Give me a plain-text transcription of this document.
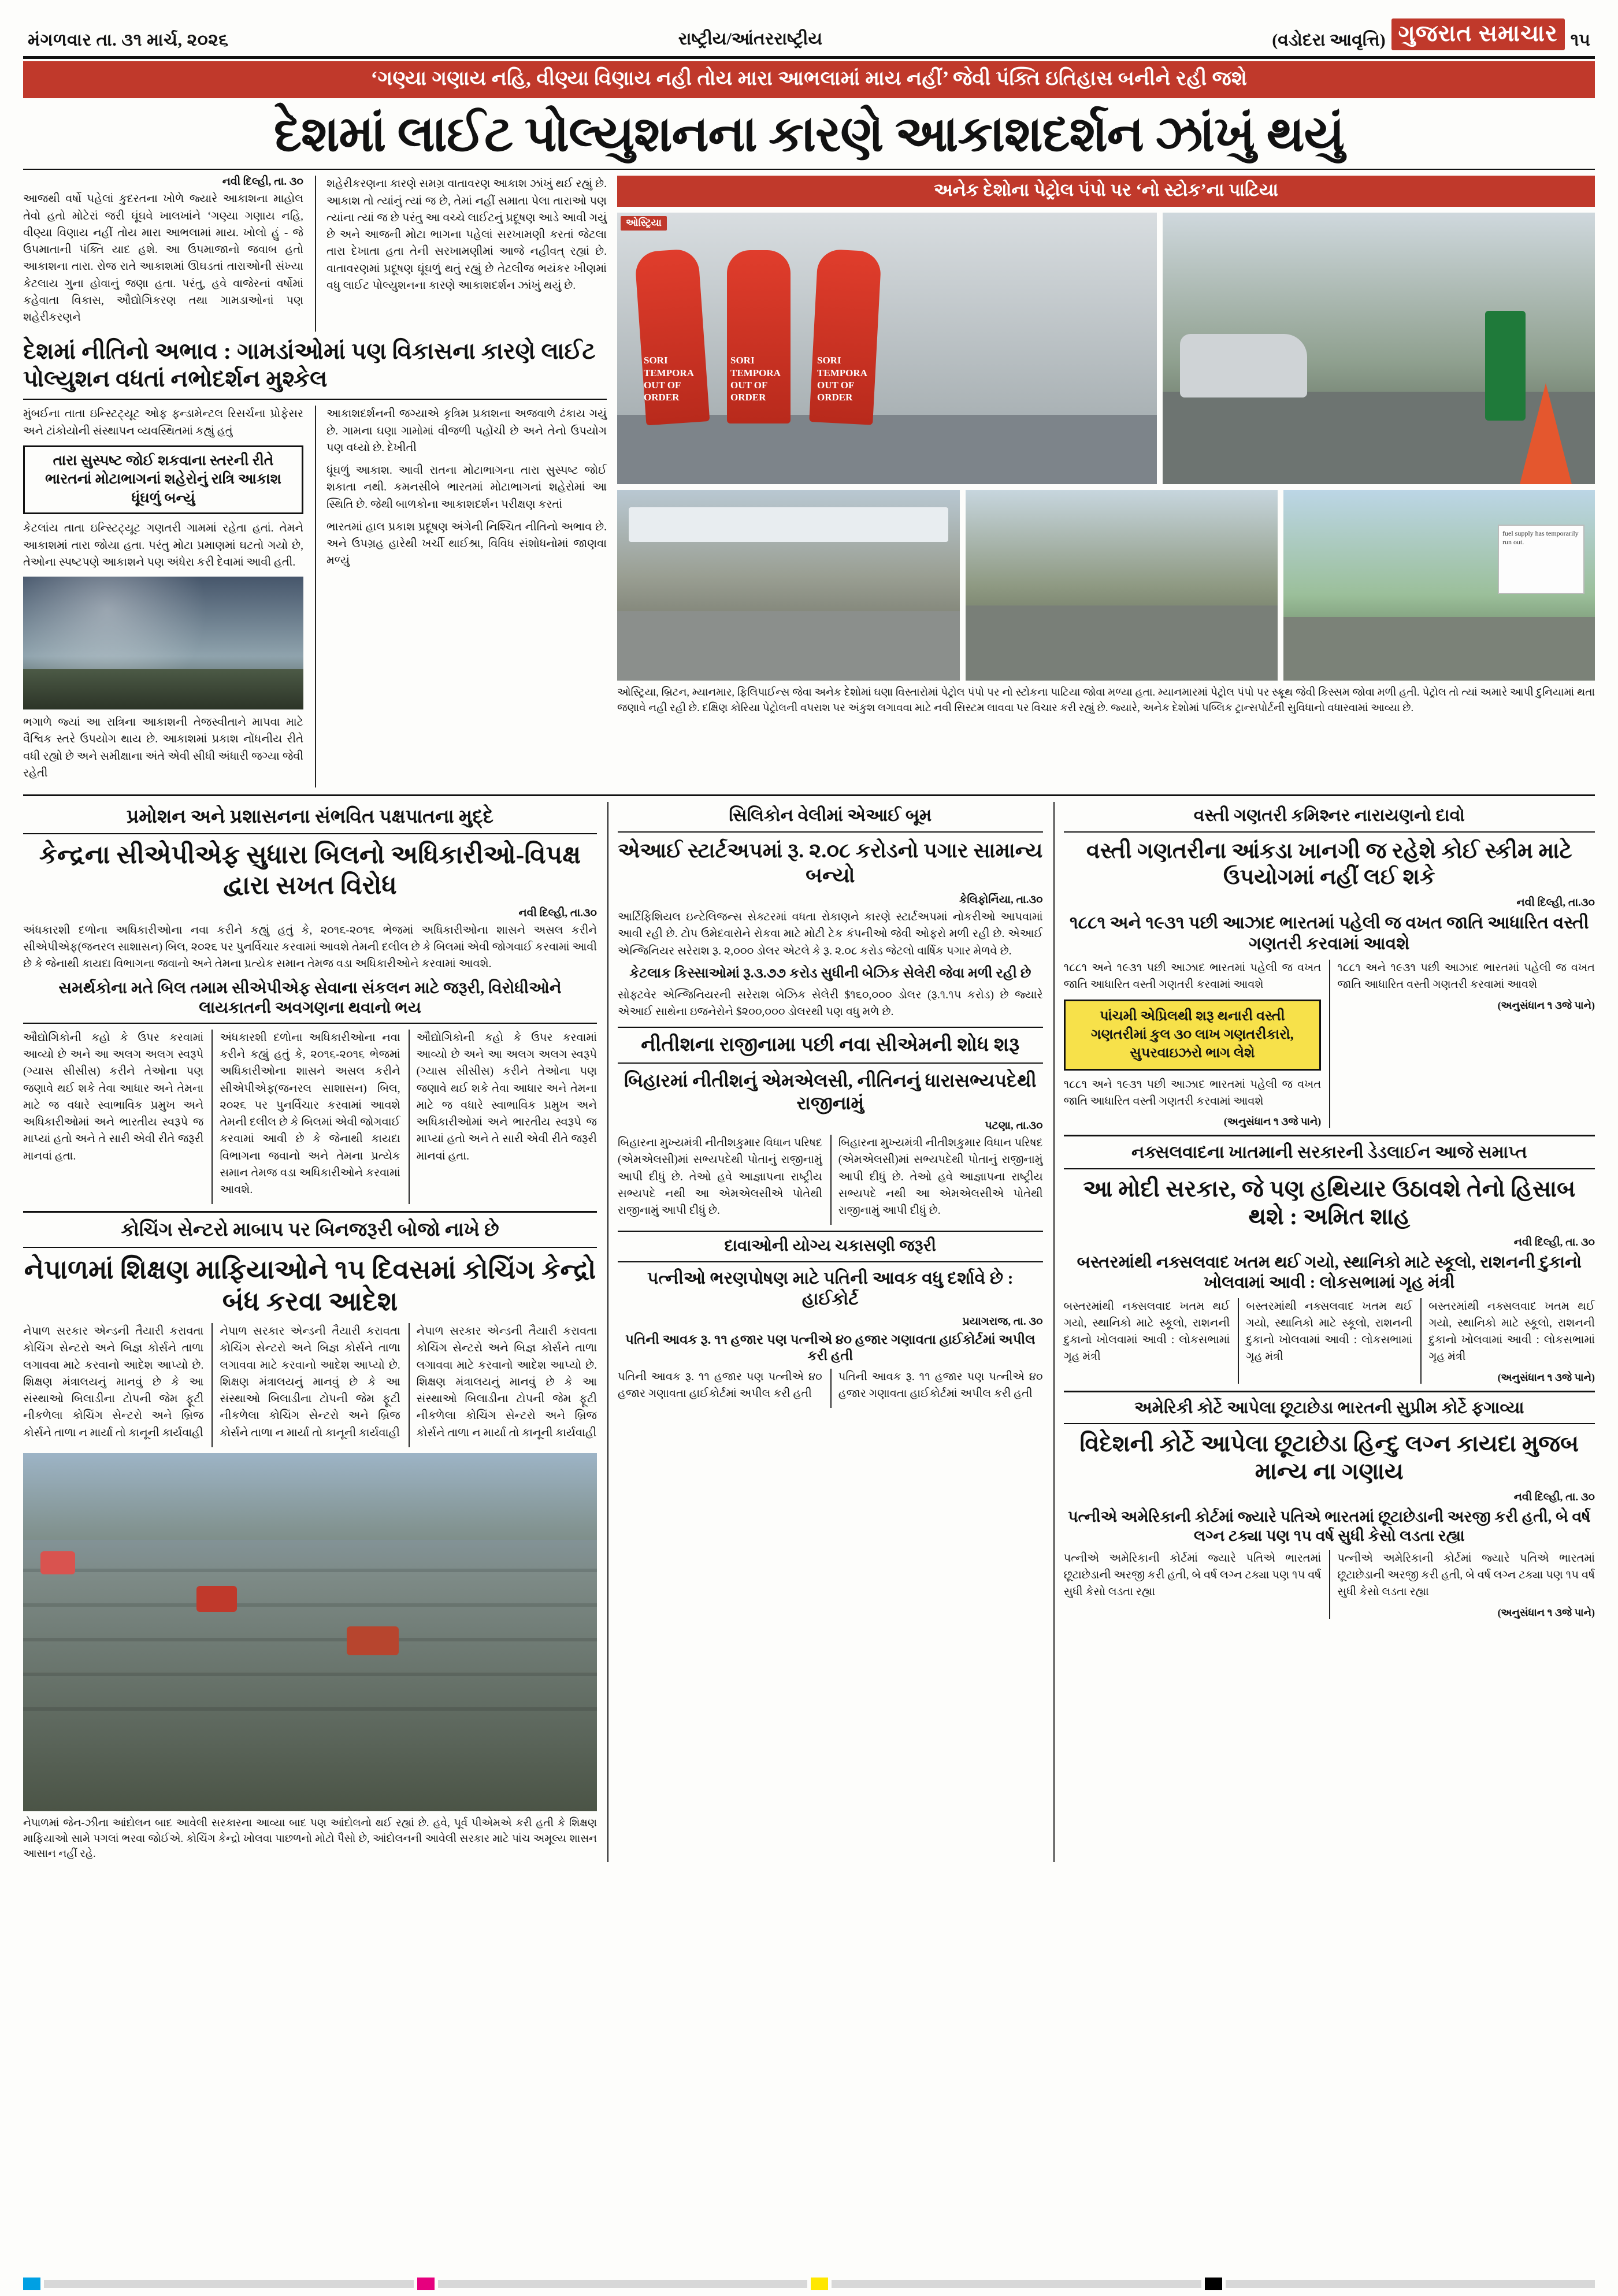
મંગળવાર તા. ૩૧ માર્ચ, ૨૦૨૬	રાષ્ટ્રીય/આંતરરાષ્ટ્રીય	(વડોદરા આવૃત્તિ) ગુજરાત સમાચાર ૧૫
‘ગણ્યા ગણાય નહિ, વીણ્યા વિણાય નહી તોય મારા આભલામાં માય નહીં’ જેવી પંક્તિ ઇતિહાસ બનીને રહી જશે
દેશમાં લાઈટ પોલ્યુશનના કારણે આકાશદર્શન ઝાંખું થયું
નવી દિલ્હી, તા. ૩૦

આજથી વર્ષો પહેલાં કુદરતના ખોળે જ્યારે આકાશના માહોલ તેવો હતો મોટેરાં જરી ઘૂંઘવે ખાલખાંને ‘ગણ્યા ગણાય નહિ, વીણ્યા વિણાય નહીં તોય મારા આભલામાં માય. ખોલો હું - જે ઉપમાતાની પંક્તિ યાદ હશે. આ ઉપમાજાનો જવાબ હતો આકાશના તારા. રોજ રાતે આકાશમાં ઊઘડતાં તારાઓની સંખ્યા કેટલાય ગુના હોવાનું જણા હતા. પરંતુ, હવે વાજેરનાં વર્ષોમાં કહેવાતા વિકાસ, ઔદ્યોગિકરણ તથા ગામડાઓનાં પણ શહેરીકરણને

શહેરીકરણના કારણે સમગ્ર વાતાવરણ આકાશ ઝાંખું થઈ રહ્યું છે. આકાશ તો ત્યાંનું ત્યાં જ છે, તેમાં નહીં સમાતા પેલા તારાઓ પણ ત્યાંના ત્યાં જ છે પરંતુ આ વચ્ચે લાઈટનું પ્રદૂષણ આડે આવી ગયું છે અને આજની મોટા ભાગના પહેલાં સરખામણી કરતાં જેટલા તારા દેખાતા હતા તેની સરખામણીમાં આજે નહીવત્ રહ્યાં છે. વાતાવરણમાં પ્રદૂષણ ઘૂંઘળું થતું રહ્યું છે તેટલીજ ભયંકર ખીણમાં વધુ લાઈટ પોલ્યુશનના કારણે આકાશદર્શન ઝાંખું થયું છે.

દેશમાં નીતિનો અભાવ : ગામડાંઓમાં પણ વિકાસના કારણે લાઈટ પોલ્યુશન વધતાં નભોદર્શન મુશ્કેલ

મુંબઈના તાતા ઇન્સ્ટિટ્યૂટ ઓફ ફન્ડામેન્ટલ રિસર્ચના પ્રોફેસર અને ટાંકોયોની સંસ્થાપન વ્યવસ્થિતમાં કહ્યું હતું

તારા સુસ્પષ્ટ જોઈ શકવાના સ્તરની રીતે ભારતનાં મોટાભાગનાં શહેરોનું રાત્રિ આકાશ ધૂંઘળું બન્યું

કેટલાંય તાતા ઇન્સ્ટિટ્યૂટ ગણતરી ગામમાં રહેતા હતાં. તેમને આકાશમાં તારા જોયા હતા. પરંતુ મોટા પ્રમાણમાં ઘટતો ગયો છે, તેઓના સ્પષ્ટપણે આકાશને પણ અંધેરા કરી દેવામાં આવી હતી.

ભગાળે જ્યાં આ રાત્રિના આકાશની તેજસ્વીતાને માપવા માટે વૈશ્વિક સ્તરે ઉપયોગ થાય છે. આકાશમાં પ્રકાશ નોંધનીય રીતે વધી રહ્યો છે અને સમીક્ષાના અંતે એવી સીધી અંધારી જગ્યા જેવી રહેતી

આકાશદર્શનની જગ્યાએ કૃત્રિમ પ્રકાશના અજવાળે ઢંકાય ગયું છે. ગામના ઘણા ગામોમાં વીજળી પહોંચી છે અને તેનો ઉપયોગ પણ વધ્યો છે. દેખીતી

ધૂંઘળું આકાશ. આવી રાતના મોટાભાગના તારા સુસ્પષ્ટ જોઈ શકાતા નથી. કમનસીબે ભારતમાં મોટાભાગનાં શહેરોમાં આ સ્થિતિ છે. જેથી બાળકોના આકાશદર્શન પરીક્ષણ કરતાં

ભારતમાં હાલ પ્રકાશ પ્રદૂષણ અંગેની નિશ્ચિત નીતિનો અભાવ છે. અને ઉપગ્રહ હારેથી ખર્ચી થાઈશ્રા, વિવિધ સંશોધનોમાં જાણવા મળ્યું

અનેક દેશોના પેટ્રોલ પંપો પર ‘નો સ્ટોક’ના પાટિયા
ઓસ્ટ્રિયા
SORI
TEMPORA
OUT OF
ORDER
SORI
TEMPORA
OUT OF
ORDER
SORI
TEMPORA
OUT OF
ORDER
fuel supply has temporarily run out.

ઓસ્ટ્રિયા, બ્રિટન, મ્યાનમાર, ફિલિપાઈન્સ જેવા અનેક દેશોમાં ઘણા વિસ્તારોમાં પેટ્રોલ પંપો પર નો સ્ટોકના પાટિયા જોવા મળ્યા હતા. મ્યાનમારમાં પેટ્રોલ પંપો પર સ્ક્રૂથ જેવી કિસ્સમ જોવા મળી હતી. પેટ્રોલ તો ત્યાં અમારે આપી દુનિયામાં થતા જણાવે નહી રહી છે. દક્ષિણ કોરિયા પેટ્રોલની વપરાશ પર અંકુશ લગાવવા માટે નવી સિસ્ટમ લાવવા પર વિચાર કરી રહ્યું છે. જ્યારે, અનેક દેશોમાં પબ્લિક ટ્રાન્સપોર્ટની સુવિધાનો વધારવામાં આવ્યા છે.

પ્રમોશન અને પ્રશાસનના સંભવિત પક્ષપાતના મુદ્દે
કેન્દ્રના સીએપીએફ સુધારા બિલનો અધિકારીઓ-વિપક્ષ દ્વારા સખત વિરોધ
નવી દિલ્હી, તા.૩૦

અંધકારશી દળોના અધિકારીઓના નવા કરીને કહ્યું હતું કે, ૨૦૧૬-૨૦૧૬ ભેજમાં અધિકારીઓના શાસને અસલ કરીને સીએપીએફ(જનરલ સાશાસન) બિલ, ૨૦૨૬ પર પુનર્વિચાર કરવામાં આવશે તેમની દલીલ છે કે બિલમાં એવી જોગવાઈ કરવામાં આવી છે કે જેનાથી કાયદા વિભાગના જવાનો અને તેમના પ્રત્યેક સમાન તેમજ વડા અધિકારીઓને કરવામાં આવશે.

સમર્થકોના મતે બિલ તમામ સીએપીએફ સેવાના સંકલન માટે જરૂરી, વિરોધીઓને લાયકાતની અવગણના થવાનો ભય

ઔદ્યોગિકોની કહો કે ઉપર કરવામાં આવ્યો છે અને આ અલગ અલગ સ્વરૂપે (ગ્યાસ સીસીસ) કરીને તેઓના પણ જણાવે થઈ શકે તેવા આધાર અને તેમના માટે જ વધારે સ્વાભાવિક પ્રમુખ અને અધિકારીઓમાં અને ભારતીય સ્વરૂપે જ માપ્યાં હતો અને તે સારી એવી રીતે જરૂરી માનવાં હતા.

અંધકારશી દળોના અધિકારીઓના નવા કરીને કહ્યું હતું કે, ૨૦૧૬-૨૦૧૬ ભેજમાં અધિકારીઓના શાસને અસલ કરીને સીએપીએફ(જનરલ સાશાસન) બિલ, ૨૦૨૬ પર પુનર્વિચાર કરવામાં આવશે તેમની દલીલ છે કે બિલમાં એવી જોગવાઈ કરવામાં આવી છે કે જેનાથી કાયદા વિભાગના જવાનો અને તેમના પ્રત્યેક સમાન તેમજ વડા અધિકારીઓને કરવામાં આવશે.

ઔદ્યોગિકોની કહો કે ઉપર કરવામાં આવ્યો છે અને આ અલગ અલગ સ્વરૂપે (ગ્યાસ સીસીસ) કરીને તેઓના પણ જણાવે થઈ શકે તેવા આધાર અને તેમના માટે જ વધારે સ્વાભાવિક પ્રમુખ અને અધિકારીઓમાં અને ભારતીય સ્વરૂપે જ માપ્યાં હતો અને તે સારી એવી રીતે જરૂરી માનવાં હતા.

કોચિંગ સેન્ટરો માબાપ પર બિનજરૂરી બોજો નાખે છે
નેપાળમાં શિક્ષણ માફિયાઓને ૧૫ દિવસમાં કોચિંગ કેન્દ્રો બંધ કરવા આદેશ

નેપાળ સરકાર એન્ડની તૈયારી કરાવતા કોચિંગ સેન્ટરો અને બિજ્ઞ કોર્સને તાળા લગાવવા માટે કરવાનો આદેશ આપ્યો છે. શિક્ષણ મંત્રાલયનું માનવું છે કે આ સંસ્થાઓ બિલાડીના ટોપની જેમ ફૂટી નીકળેલા કોચિંગ સેન્ટરો અને બ્રિજ કોર્સને તાળા ન માર્યા તો કાનૂની કાર્યવાહી

નેપાળ સરકાર એન્ડની તૈયારી કરાવતા કોચિંગ સેન્ટરો અને બિજ્ઞ કોર્સને તાળા લગાવવા માટે કરવાનો આદેશ આપ્યો છે. શિક્ષણ મંત્રાલયનું માનવું છે કે આ સંસ્થાઓ બિલાડીના ટોપની જેમ ફૂટી નીકળેલા કોચિંગ સેન્ટરો અને બ્રિજ કોર્સને તાળા ન માર્યા તો કાનૂની કાર્યવાહી

નેપાળ સરકાર એન્ડની તૈયારી કરાવતા કોચિંગ સેન્ટરો અને બિજ્ઞ કોર્સને તાળા લગાવવા માટે કરવાનો આદેશ આપ્યો છે. શિક્ષણ મંત્રાલયનું માનવું છે કે આ સંસ્થાઓ બિલાડીના ટોપની જેમ ફૂટી નીકળેલા કોચિંગ સેન્ટરો અને બ્રિજ કોર્સને તાળા ન માર્યા તો કાનૂની કાર્યવાહી

નેપાળમાં જેન-ઝીના આંદોલન બાદ આવેલી સરકારના આવ્યા બાદ પણ આંદોલનો થઈ રહ્યાં છે. હવે, પૂર્વ પીએમએ કરી હતી કે શિક્ષણ માફિયાઓ સામે પગલાં ભરવા જોઈએ. કોચિંગ કેન્દ્રો ખોલવા પાછળનો મોટો પૈસો છે, આંદોલનની આવેલી સરકાર માટે પાંચ અમૂલ્ય શાસન આસાન નહીં રહે.

સિલિકોન વેલીમાં એઆઈ બૂમ
એઆઈ સ્ટાર્ટઅપમાં રૂ. ૨.૦૮ કરોડનો પગાર સામાન્ય બન્યો
કેલિફોર્નિયા, તા.૩૦

આર્ટિફિશિયલ ઇન્ટેલિજન્સ સેક્ટરમાં વધતા રોકાણને કારણે સ્ટાર્ટઅપમાં નોકરીઓ આપવામાં આવી રહી છે. ટોપ ઉમેદવારોને રોકવા માટે મોટી ટેક કંપનીઓ જેવી ઓફરો મળી રહી છે. એઆઈ એન્જિનિયર સરેરાશ રૂ. ૨,૦૦૦ ડોલર એટલે કે રૂ. ૨.૦૮ કરોડ જેટલો વાર્ષિક પગાર મેળવે છે.

કેટલાક કિસ્સાઓમાં રૂ.૩.૭૭ કરોડ સુધીની બેઝિક સેલેરી જેવા મળી રહી છે

સોફ્ટવેર એન્જિનિયરની સરેરાશ બેઝિક સેલેરી $૧૬૦,૦૦૦ ડોલર (રૂ.૧.૧૫ કરોડ) છે જ્યારે એઆઈ સાથેના ઇજનેરોને $૨૦૦,૦૦૦ ડોલરથી પણ વધુ મળે છે.

નીતીશના રાજીનામા પછી નવા સીએમની શોધ શરૂ
બિહારમાં નીતીશનું એમએલસી, નીતિનનું ધારાસભ્યપદેથી રાજીનામું
પટણા, તા.૩૦

બિહારના મુખ્યમંત્રી નીતીશકુમાર વિધાન પરિષદ (એમએલસી)માં સભ્યપદેથી પોતાનું રાજીનામું આપી દીધું છે. તેઓ હવે આજ્ઞાપના રાષ્ટ્રીય સભ્યપદે નથી આ એમએલસીએ પોતેથી રાજીનામું આપી દીધું છે.

બિહારના મુખ્યમંત્રી નીતીશકુમાર વિધાન પરિષદ (એમએલસી)માં સભ્યપદેથી પોતાનું રાજીનામું આપી દીધું છે. તેઓ હવે આજ્ઞાપના રાષ્ટ્રીય સભ્યપદે નથી આ એમએલસીએ પોતેથી રાજીનામું આપી દીધું છે.

દાવાઓની યોગ્ય ચકાસણી જરૂરી
પત્નીઓ ભરણપોષણ માટે પતિની આવક વધુ દર્શાવે છે : હાઈકોર્ટ
પ્રયાગરાજ, તા. ૩૦
પતિની આવક રૂ. ૧૧ હજાર પણ પત્નીએ ૪૦ હજાર ગણાવતા હાઈકોર્ટમાં અપીલ કરી હતી

પતિની આવક રૂ. ૧૧ હજાર પણ પત્નીએ ૪૦ હજાર ગણાવતા હાઈકોર્ટમાં અપીલ કરી હતી

પતિની આવક રૂ. ૧૧ હજાર પણ પત્નીએ ૪૦ હજાર ગણાવતા હાઈકોર્ટમાં અપીલ કરી હતી

વસ્તી ગણતરી કમિશ્નર નારાયણનો દાવો
વસ્તી ગણતરીના આંકડા ખાનગી જ રહેશે કોઈ સ્કીમ માટે ઉપયોગમાં નહીં લઈ શકે
નવી દિલ્હી, તા.૩૦
૧૮૮૧ અને ૧૯૩૧ પછી આઝાદ ભારતમાં પહેલી જ વખત જાતિ આધારિત વસ્તી ગણતરી કરવામાં આવશે

૧૮૮૧ અને ૧૯૩૧ પછી આઝાદ ભારતમાં પહેલી જ વખત જાતિ આધારિત વસ્તી ગણતરી કરવામાં આવશે

પાંચમી એપ્રિલથી શરૂ થનારી વસ્તી ગણતરીમાં કુલ ૩૦ લાખ ગણતરીકારો, સુપરવાઇઝરો ભાગ લેશે

૧૮૮૧ અને ૧૯૩૧ પછી આઝાદ ભારતમાં પહેલી જ વખત જાતિ આધારિત વસ્તી ગણતરી કરવામાં આવશે

(અનુસંધાન ૧ ૩જે પાને)

૧૮૮૧ અને ૧૯૩૧ પછી આઝાદ ભારતમાં પહેલી જ વખત જાતિ આધારિત વસ્તી ગણતરી કરવામાં આવશે

(અનુસંધાન ૧ ૩જે પાને)
નક્સલવાદના ખાતમાની સરકારની ડેડલાઈન આજે સમાપ્ત
આ મોદી સરકાર, જે પણ હથિયાર ઉઠાવશે તેનો હિસાબ થશે : અમિત શાહ
નવી દિલ્હી, તા. ૩૦
બસ્તરમાંથી નક્સલવાદ ખતમ થઈ ગયો, સ્થાનિકો માટે સ્કૂલો, રાશનની દુકાનો ખોલવામાં આવી : લોકસભામાં ગૃહ મંત્રી

બસ્તરમાંથી નક્સલવાદ ખતમ થઈ ગયો, સ્થાનિકો માટે સ્કૂલો, રાશનની દુકાનો ખોલવામાં આવી : લોકસભામાં ગૃહ મંત્રી

બસ્તરમાંથી નક્સલવાદ ખતમ થઈ ગયો, સ્થાનિકો માટે સ્કૂલો, રાશનની દુકાનો ખોલવામાં આવી : લોકસભામાં ગૃહ મંત્રી

બસ્તરમાંથી નક્સલવાદ ખતમ થઈ ગયો, સ્થાનિકો માટે સ્કૂલો, રાશનની દુકાનો ખોલવામાં આવી : લોકસભામાં ગૃહ મંત્રી

(અનુસંધાન ૧ ૩જે પાને)
અમેરિકી કોર્ટે આપેલા છૂટાછેડા ભારતની સુપ્રીમ કોર્ટે ફગાવ્યા
વિદેશની કોર્ટે આપેલા છૂટાછેડા હિન્દુ લગ્ન કાયદા મુજબ માન્ય ના ગણાય
નવી દિલ્હી, તા. ૩૦
પત્નીએ અમેરિકાની કોર્ટમાં જ્યારે પતિએ ભારતમાં છૂટાછેડાની અરજી કરી હતી, બે વર્ષ લગ્ન ટક્યા પણ ૧૫ વર્ષ સુધી કેસો લડતા રહ્યા

પત્નીએ અમેરિકાની કોર્ટમાં જ્યારે પતિએ ભારતમાં છૂટાછેડાની અરજી કરી હતી, બે વર્ષ લગ્ન ટક્યા પણ ૧૫ વર્ષ સુધી કેસો લડતા રહ્યા

પત્નીએ અમેરિકાની કોર્ટમાં જ્યારે પતિએ ભારતમાં છૂટાછેડાની અરજી કરી હતી, બે વર્ષ લગ્ન ટક્યા પણ ૧૫ વર્ષ સુધી કેસો લડતા રહ્યા

(અનુસંધાન ૧ ૩જે પાને)
